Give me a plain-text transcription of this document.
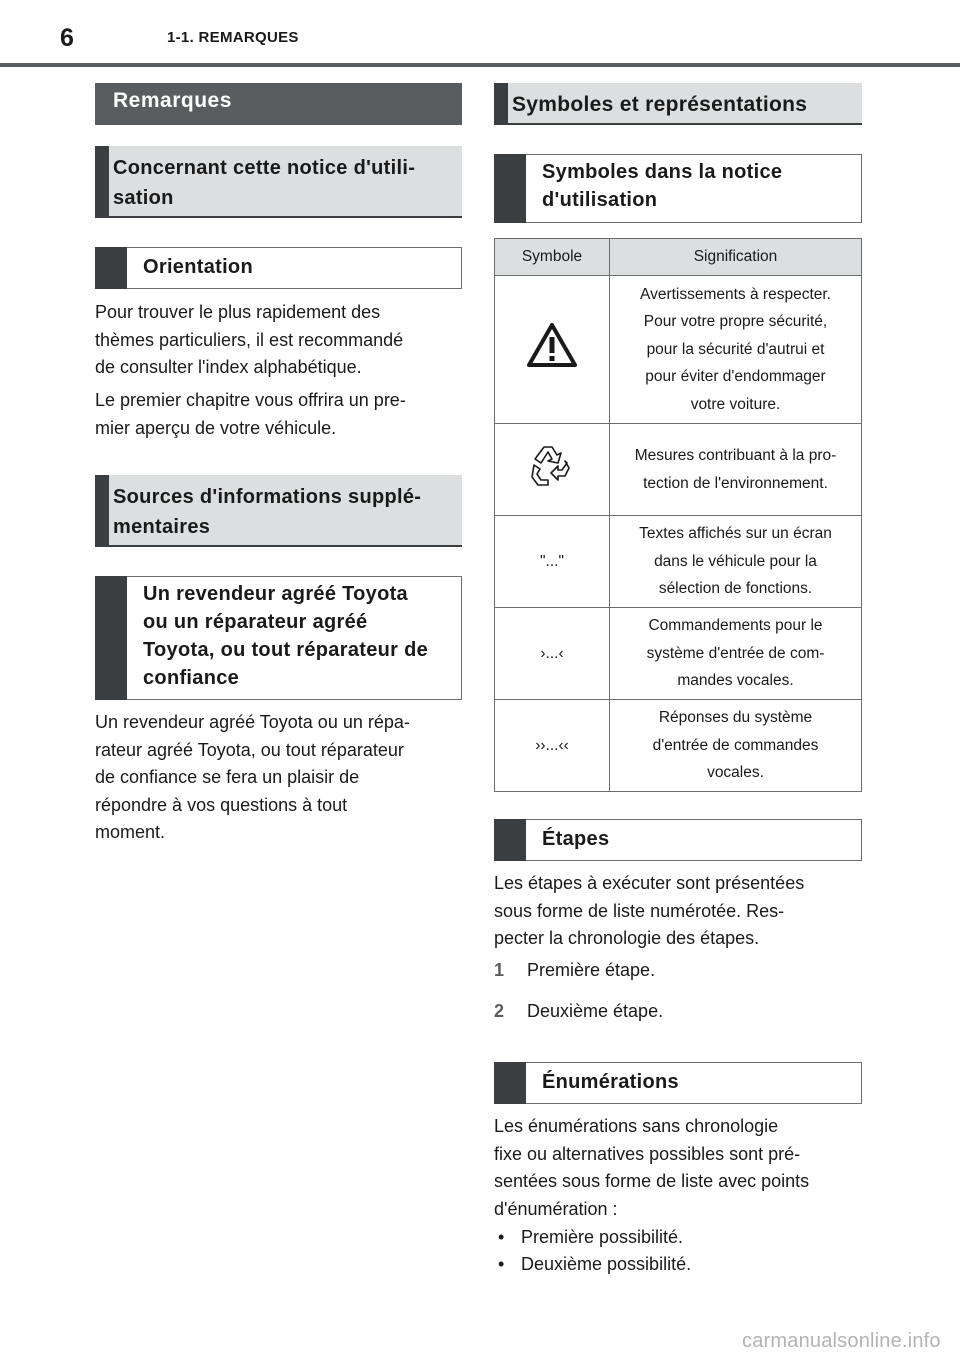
6	1-1. REMARQUES
Remarques
Concernant cette notice d'utili-
sation
Orientation

Pour trouver le plus rapidement des

thèmes particuliers, il est recommandé

de consulter l'index alphabétique.

Le premier chapitre vous offrira un pre-

mier aperçu de votre véhicule.

Sources d'informations supplé-
mentaires
Un revendeur agréé Toyota
ou un réparateur agréé
Toyota, ou tout réparateur de
confiance

Un revendeur agréé Toyota ou un répa-

rateur agréé Toyota, ou tout réparateur

de confiance se fera un plaisir de

répondre à vos questions à tout

moment.

Symboles et représentations
Symboles dans la notice
d'utilisation
Symbole	Signification

Avertissements à respecter.
Pour votre propre sécurité,
pour la sécurité d'autrui et
pour éviter d'endommager
votre voiture.

Mesures contribuant à la pro-
tection de l'environnement.

"..."	Textes affichés sur un écran
dans le véhicule pour la
sélection de fonctions.

›...‹	Commandements pour le
système d'entrée de com-
mandes vocales.

››...‹‹	Réponses du système
d'entrée de commandes
vocales.
Étapes

Les étapes à exécuter sont présentées

sous forme de liste numérotée. Res-

pecter la chronologie des étapes.

1 Première étape.
2 Deuxième étape.
Énumérations

Les énumérations sans chronologie

fixe ou alternatives possibles sont pré-

sentées sous forme de liste avec points

d'énumération :

• Première possibilité.
• Deuxième possibilité.
carmanualsonline.info
